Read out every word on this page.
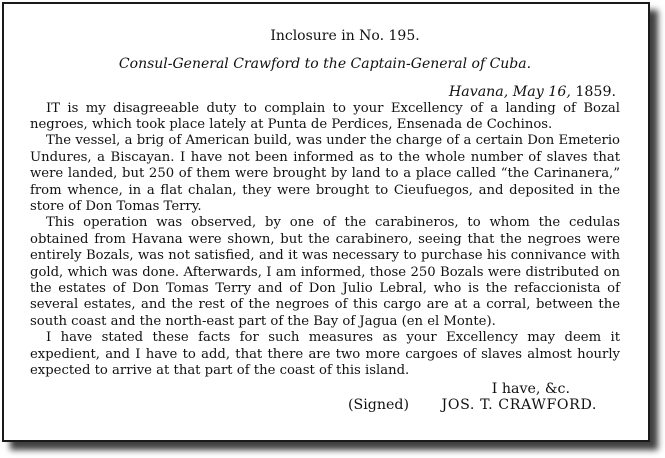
Inclosure in No. 195.
Consul-General Crawford to the Captain-General of Cuba.
Havana, May 16, 1859.

IT is my disagreeable duty to complain to your Excellency of a landing of Bozal negroes, which took place lately at Punta de Perdices, Ensenada de Cochinos.

The vessel, a brig of American build, was under the charge of a certain Don Emeterio Undures, a Biscayan. I have not been informed as to the whole number of slaves that were landed, but 250 of them were brought by land to a place called “the Carinanera,” from whence, in a flat chalan, they were brought to Cieufuegos, and deposited in the store of Don Tomas Terry.

This operation was observed, by one of the carabineros, to whom the cedulas obtained from Havana were shown, but the carabinero, seeing that the negroes were entirely Bozals, was not satisfied, and it was necessary to purchase his connivance with gold, which was done. Afterwards, I am informed, those 250 Bozals were distributed on the estates of Don Tomas Terry and of Don Julio Lebral, who is the refaccionista of several estates, and the rest of the negroes of this cargo are at a corral, between the south coast and the north-east part of the Bay of Jagua (en el Monte).

I have stated these facts for such measures as your Excellency may deem it expedient, and I have to add, that there are two more cargoes of slaves almost hourly expected to arrive at that part of the coast of this island.

I have, &c.
(Signed) JOS. T. CRAWFORD.
